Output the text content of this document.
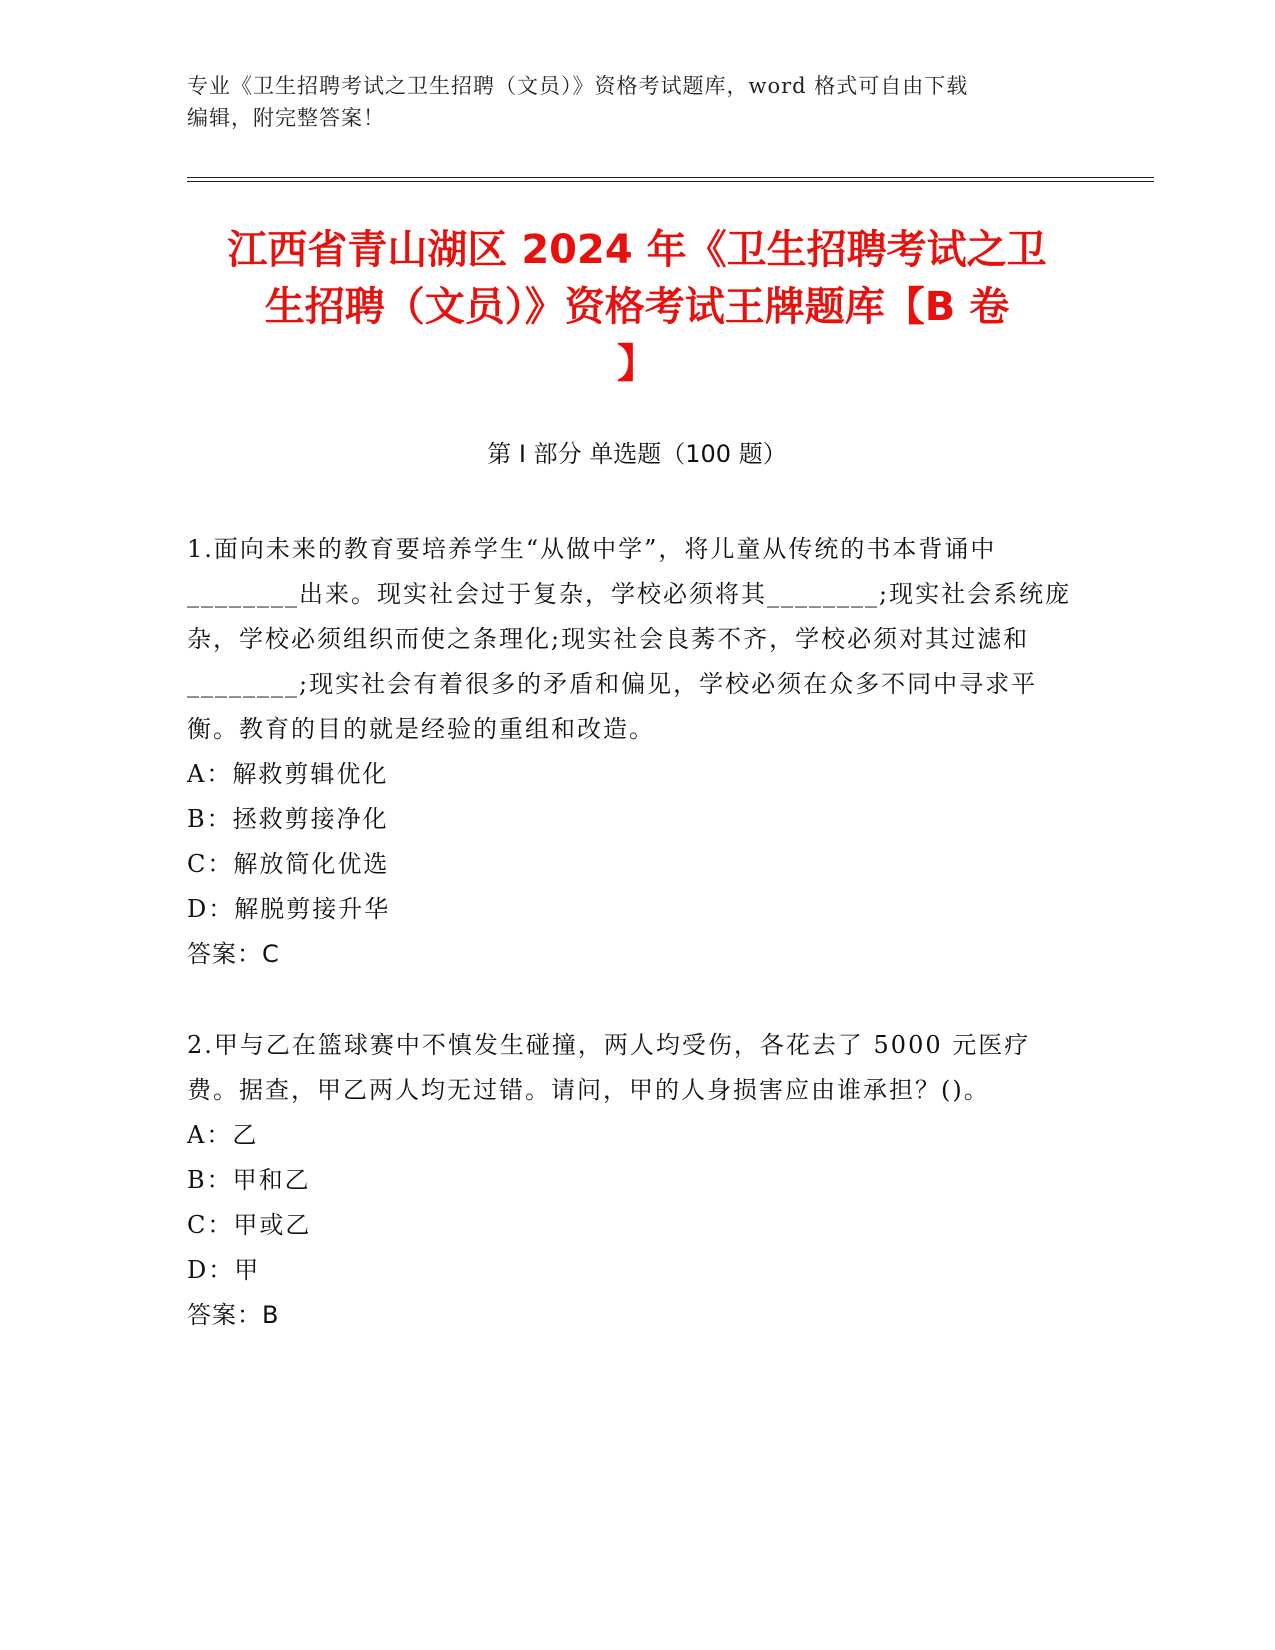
专业《卫生招聘考试之卫生招聘（文员）》资格考试题库，word 格式可自由下载
编辑，附完整答案！
江西省青山湖区 2024 年《卫生招聘考试之卫
生招聘（文员）》资格考试王牌题库【B 卷
】
第 I 部分 单选题（100 题）

1.面向未来的教育要培养学生“从做中学”，将儿童从传统的书本背诵中________出来。现实社会过于复杂，学校必须将其________;现实社会系统庞杂，学校必须组织而使之条理化;现实社会良莠不齐，学校必须对其过滤和________;现实社会有着很多的矛盾和偏见，学校必须在众多不同中寻求平衡。教育的目的就是经验的重组和改造。

A：解救剪辑优化

B：拯救剪接净化

C：解放简化优选

D：解脱剪接升华

答案：C

2.甲与乙在篮球赛中不慎发生碰撞，两人均受伤，各花去了 5000 元医疗费。据查，甲乙两人均无过错。请问，甲的人身损害应由谁承担？()。

A：乙

B：甲和乙

C：甲或乙

D：甲

答案：B
